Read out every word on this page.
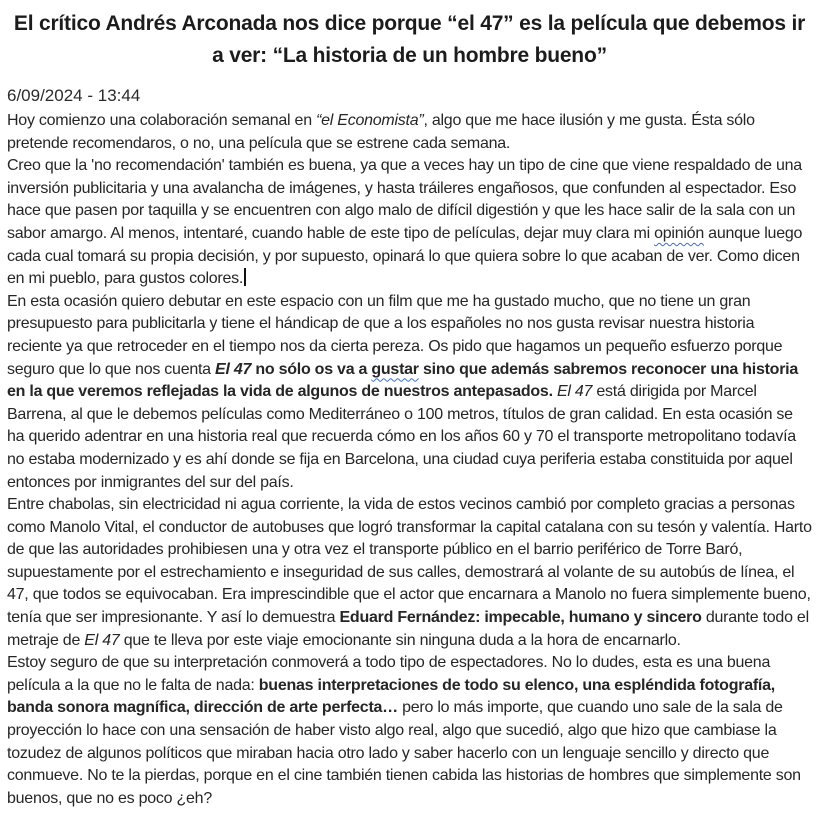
El crítico Andrés Arconada nos dice porque “el 47” es la película que debemos ir a ver: “La historia de un hombre bueno”
6/09/2024 - 13:44

Hoy comienzo una colaboración semanal en “el Economista”, algo que me hace ilusión y me gusta. Ésta sólo pretende recomendaros, o no, una película que se estrene cada semana.

Creo que la 'no recomendación' también es buena, ya que a veces hay un tipo de cine que viene respaldado de una inversión publicitaria y una avalancha de imágenes, y hasta tráileres engañosos, que confunden al espectador. Eso hace que pasen por taquilla y se encuentren con algo malo de difícil digestión y que les hace salir de la sala con un sabor amargo. Al menos, intentaré, cuando hable de este tipo de películas, dejar muy clara mi opinión aunque luego cada cual tomará su propia decisión, y por supuesto, opinará lo que quiera sobre lo que acaban de ver. Como dicen en mi pueblo, para gustos colores.

En esta ocasión quiero debutar en este espacio con un film que me ha gustado mucho, que no tiene un gran presupuesto para publicitarla y tiene el hándicap de que a los españoles no nos gusta revisar nuestra historia reciente ya que retroceder en el tiempo nos da cierta pereza. Os pido que hagamos un pequeño esfuerzo porque seguro que lo que nos cuenta El 47 no sólo os va a gustar sino que además sabremos reconocer una historia en la que veremos reflejadas la vida de algunos de nuestros antepasados. El 47 está dirigida por Marcel Barrena, al que le debemos películas como Mediterráneo o 100 metros, títulos de gran calidad. En esta ocasión se ha querido adentrar en una historia real que recuerda cómo en los años 60 y 70 el transporte metropolitano todavía no estaba modernizado y es ahí donde se fija en Barcelona, una ciudad cuya periferia estaba constituida por aquel entonces por inmigrantes del sur del país.

Entre chabolas, sin electricidad ni agua corriente, la vida de estos vecinos cambió por completo gracias a personas como Manolo Vital, el conductor de autobuses que logró transformar la capital catalana con su tesón y valentía. Harto de que las autoridades prohibiesen una y otra vez el transporte público en el barrio periférico de Torre Baró, supuestamente por el estrechamiento e inseguridad de sus calles, demostrará al volante de su autobús de línea, el 47, que todos se equivocaban. Era imprescindible que el actor que encarnara a Manolo no fuera simplemente bueno, tenía que ser impresionante. Y así lo demuestra Eduard Fernández: impecable, humano y sincero durante todo el metraje de El 47 que te lleva por este viaje emocionante sin ninguna duda a la hora de encarnarlo.

Estoy seguro de que su interpretación conmoverá a todo tipo de espectadores. No lo dudes, esta es una buena película a la que no le falta de nada: buenas interpretaciones de todo su elenco, una espléndida fotografía, banda sonora magnífica, dirección de arte perfecta… pero lo más importe, que cuando uno sale de la sala de proyección lo hace con una sensación de haber visto algo real, algo que sucedió, algo que hizo que cambiase la tozudez de algunos políticos que miraban hacia otro lado y saber hacerlo con un lenguaje sencillo y directo que conmueve. No te la pierdas, porque en el cine también tienen cabida las historias de hombres que simplemente son buenos, que no es poco ¿eh?
